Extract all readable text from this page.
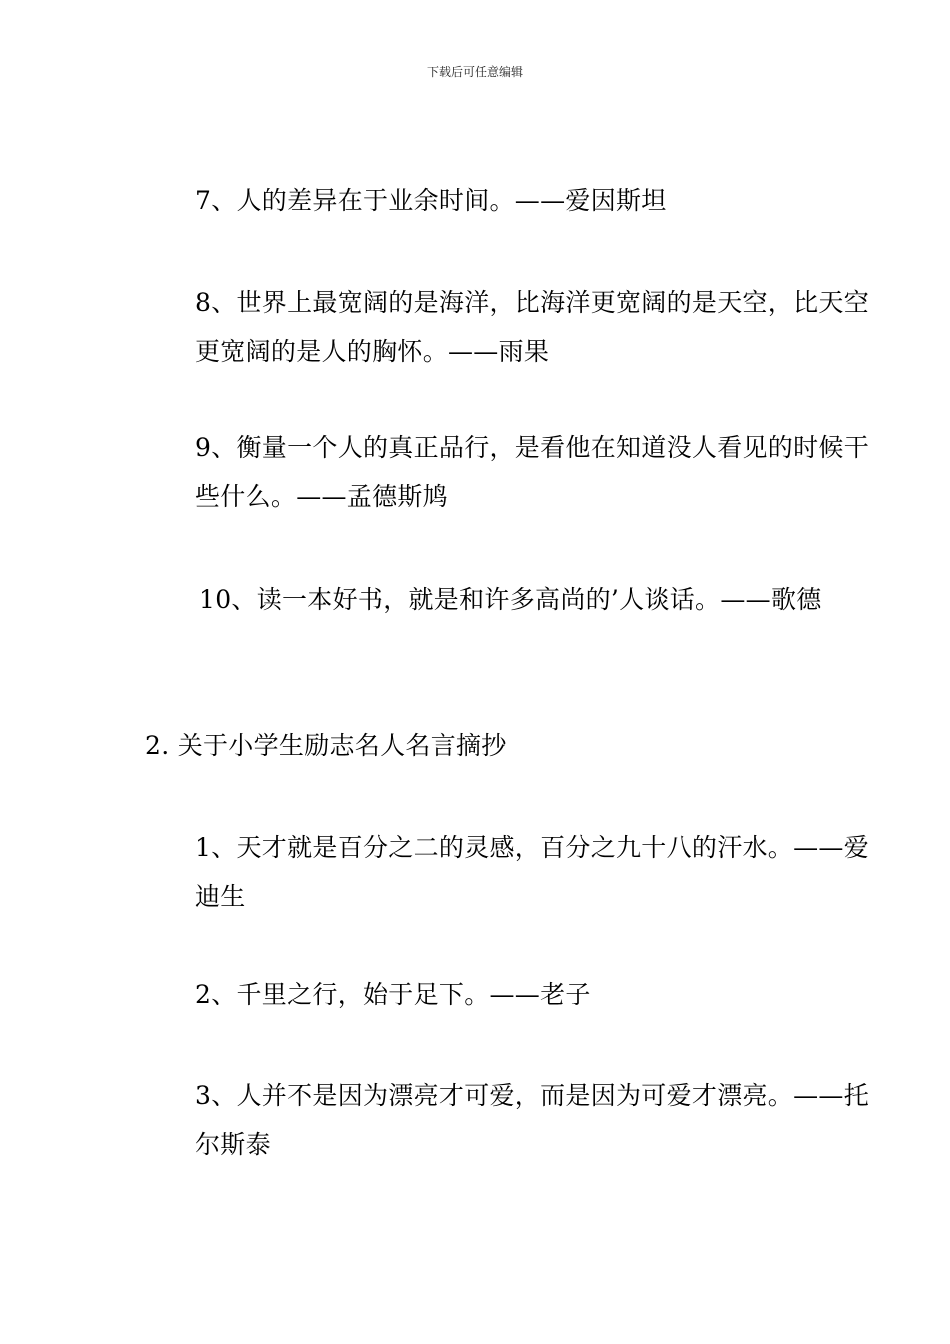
下载后可任意编辑

7、人的差异在于业余时间。——爱因斯坦

8、世界上最宽阔的是海洋，比海洋更宽阔的是天空，比天空更宽阔的是人的胸怀。——雨果

9、衡量一个人的真正品行，是看他在知道没人看见的时候干些什么。——孟德斯鸠

10、读一本好书，就是和许多高尚的’人谈话。——歌德

2. 关于小学生励志名人名言摘抄

1、天才就是百分之二的灵感，百分之九十八的汗水。——爱迪生

2、千里之行，始于足下。——老子

3、人并不是因为漂亮才可爱，而是因为可爱才漂亮。——托尔斯泰
